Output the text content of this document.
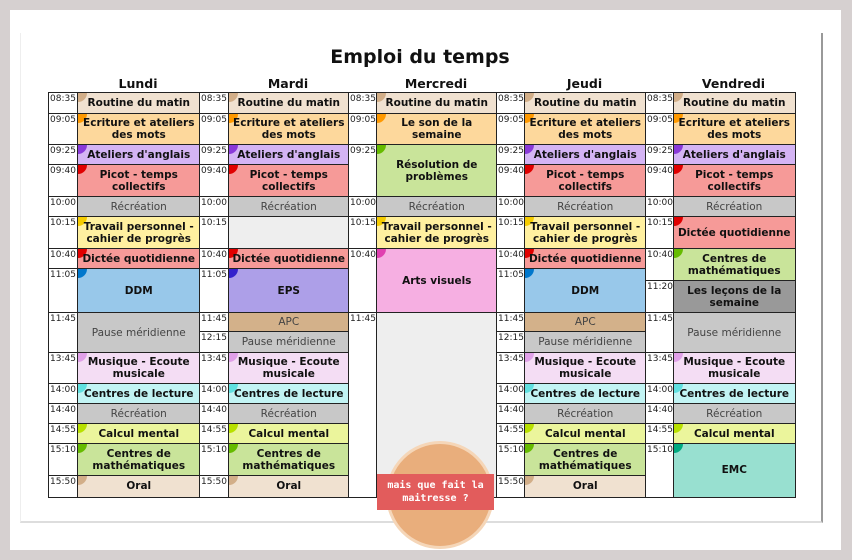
Emploi du temps
Lundi
08:35 Routine du matin
09:05 Ecriture et ateliers des mots
09:25 Ateliers d'anglais
09:40	Picot - temps collectifs
10:00	Récréation
10:15 Travail personnel - cahier de progrès
10:40 Dictée quotidienne
11:05
DDM
11:45
Pause méridienne
13:45	Musique - Ecoute musicale
14:00 Centres de lecture
14:40	Récréation
14:55 Calcul mental
15:10	Centres de mathématiques
15:50	Oral
Mardi
08:35 Routine du matin
09:05 Ecriture et ateliers des mots
09:25 Ateliers d'anglais
09:40	Picot - temps collectifs
10:00	Récréation
10:15
10:40 Dictée quotidienne
11:05
EPS
11:45	APC
12:15 Pause méridienne
13:45	Musique - Ecoute musicale
14:00 Centres de lecture
14:40	Récréation
14:55 Calcul mental
15:10	Centres de mathématiques
15:50	Oral
Mercredi
08:35 Routine du matin
09:05	Le son de la semaine
09:25
Résolution de problèmes
10:00	Récréation
10:15 Travail personnel - cahier de progrès
10:40
Arts visuels
11:45
Jeudi
08:35 Routine du matin
09:05 Ecriture et ateliers des mots
09:25 Ateliers d'anglais
09:40	Picot - temps collectifs
10:00	Récréation
10:15 Travail personnel - cahier de progrès
10:40 Dictée quotidienne
11:05
DDM
11:45	APC
12:15 Pause méridienne
13:45 Musique - Ecoute musicale
14:00 Centres de lecture
14:40	Récréation
14:55 Calcul mental
15:10	Centres de mathématiques
15:50	Oral
Vendredi
08:35 Routine du matin
09:05 Ecriture et ateliers des mots
09:25 Ateliers d'anglais
09:40	Picot - temps collectifs
10:00	Récréation
10:15
Dictée quotidienne
10:40	Centres de mathématiques
11:20	Les leçons de la semaine
11:45
Pause méridienne
13:45 Musique - Ecoute musicale
14:00 Centres de lecture
14:40	Récréation
14:55 Calcul mental
15:10
EMC
mais que fait la maitresse ?
